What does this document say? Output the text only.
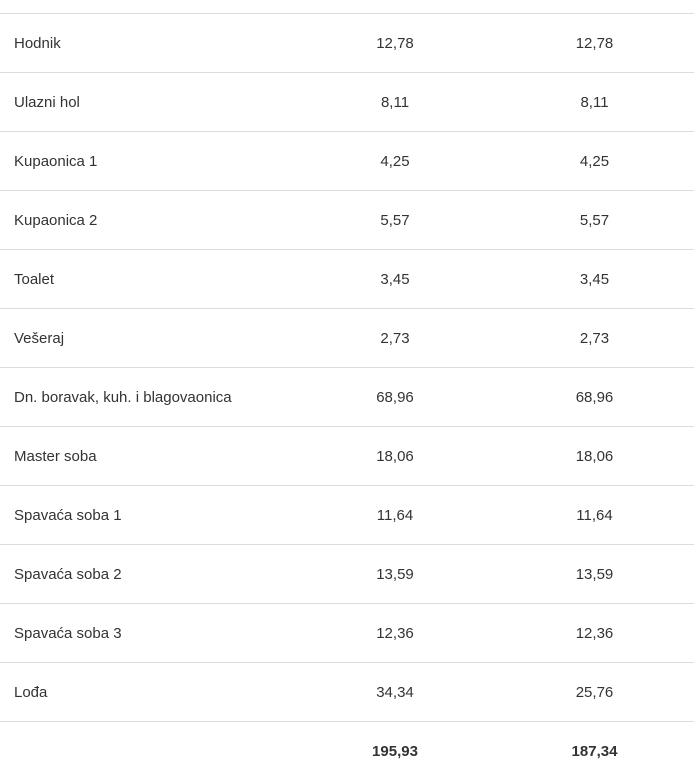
Hodnik	12,78	12,78
Ulazni hol	8,11	8,11
Kupaonica 1	4,25	4,25
Kupaonica 2	5,57	5,57
Toalet	3,45	3,45
Vešeraj	2,73	2,73
Dn. boravak, kuh. i blagovaonica	68,96	68,96
Master soba	18,06	18,06
Spavaća soba 1	11,64	11,64
Spavaća soba 2	13,59	13,59
Spavaća soba 3	12,36	12,36
Lođa	34,34	25,76
	195,93	187,34
